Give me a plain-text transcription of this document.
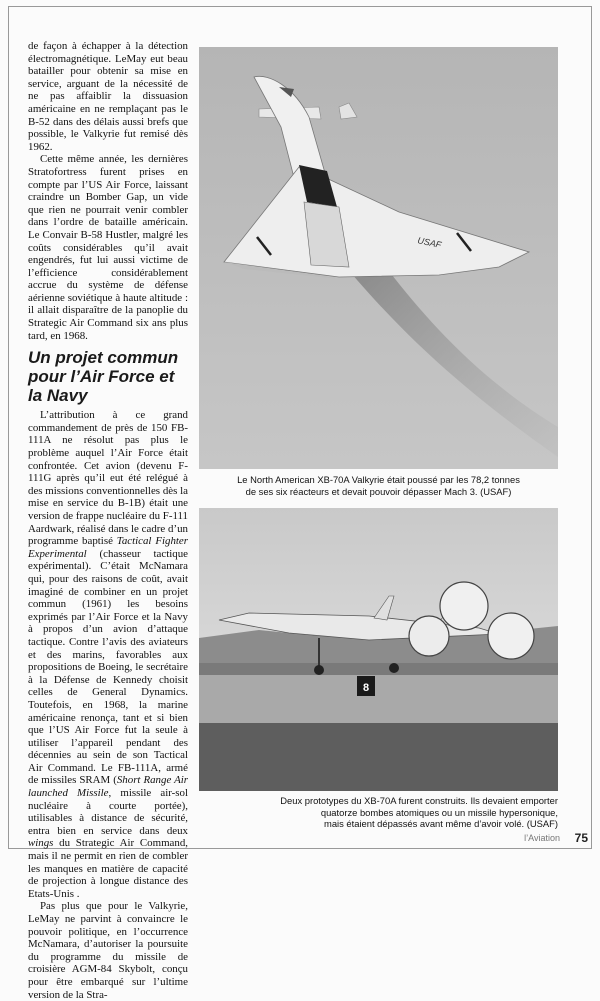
de façon à échapper à la détection électromagnétique. LeMay eut beau batailler pour obtenir sa mise en service, arguant de la nécessité de ne pas affaiblir la dissuasion américaine en ne remplaçant pas le B-52 dans des délais aussi brefs que possible, le Valkyrie fut remisé dès 1962.

Cette même année, les dernières Stratofortress furent prises en compte par l’US Air Force, laissant craindre un Bomber Gap, un vide que rien ne pourrait venir combler dans l’ordre de bataille américain. Le Convair B-58 Hustler, malgré les coûts considérables qu’il avait engendrés, fut lui aussi victime de l’efficience considérablement accrue du système de défense aérienne soviétique à haute altitude : il allait disparaître de la panoplie du Strategic Air Command six ans plus tard, en 1968.

Un projet commun pour l’Air Force et la Navy

L’attribution à ce grand commandement de près de 150 FB-111A ne résolut pas plus le problème auquel l’Air Force était confrontée. Cet avion (devenu F-111G après qu’il eut été relégué à des missions conventionnelles dès la mise en service du B-1B) était une version de frappe nucléaire du F-111 Aardwark, réalisé dans le cadre d’un programme baptisé Tactical Fighter Experimental (chasseur tactique expérimental). C’était McNamara qui, pour des raisons de coût, avait imaginé de combiner en un projet commun (1961) les besoins exprimés par l’Air Force et la Navy à propos d’un avion d’attaque tactique. Contre l’avis des aviateurs et des marins, favorables aux propositions de Boeing, le secrétaire à la Défense de Kennedy choisit celles de General Dynamics. Toutefois, en 1968, la marine américaine renonça, tant et si bien que l’US Air Force fut la seule à utiliser l’appareil pendant des décennies au sein de son Tactical Air Command. Le FB-111A, armé de missiles SRAM (Short Range Air launched Missile, missile air-sol nucléaire à courte portée), utilisables à distance de sécurité, entra bien en service dans deux wings du Strategic Air Command, mais il ne permit en rien de combler les manques en matière de capacité de projection à longue distance des Etats-Unis .

Pas plus que pour le Valkyrie, LeMay ne parvint à convaincre le pouvoir politique, en l’occurrence McNamara, d’autoriser la poursuite du programme du missile de croisière AGM-84 Skybolt, conçu pour être embarqué sur l’ultime version de la Stra-

USAF
Le North American XB-70A Valkyrie était poussé par les 78,2 tonnes
de ses six réacteurs et devait pouvoir dépasser Mach 3. (USAF)
8
Deux prototypes du XB-70A furent construits. Ils devaient emporter
quatorze bombes atomiques ou un missile hypersonique,
mais étaient dépassés avant même d’avoir volé. (USAF)
l’Aviation 75
